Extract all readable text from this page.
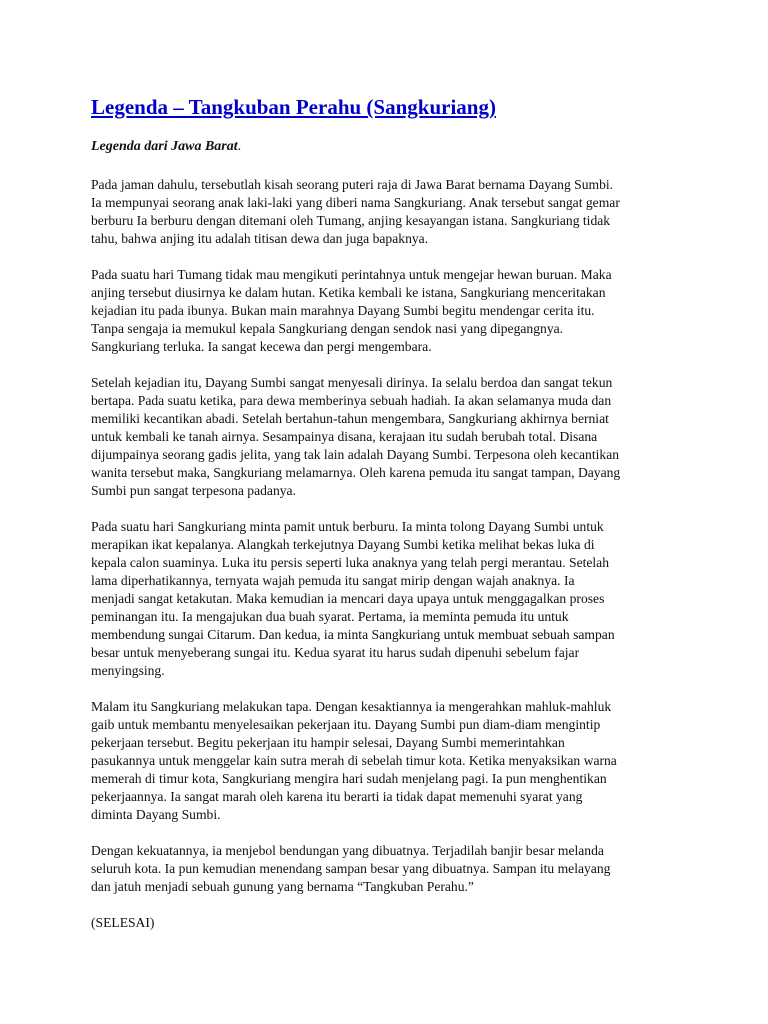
Legenda – Tangkuban Perahu (Sangkuriang)

Legenda dari Jawa Barat.

Pada jaman dahulu, tersebutlah kisah seorang puteri raja di Jawa Barat bernama Dayang Sumbi.
Ia mempunyai seorang anak laki-laki yang diberi nama Sangkuriang. Anak tersebut sangat gemar
berburu Ia berburu dengan ditemani oleh Tumang, anjing kesayangan istana. Sangkuriang tidak
tahu, bahwa anjing itu adalah titisan dewa dan juga bapaknya.

Pada suatu hari Tumang tidak mau mengikuti perintahnya untuk mengejar hewan buruan. Maka
anjing tersebut diusirnya ke dalam hutan. Ketika kembali ke istana, Sangkuriang menceritakan
kejadian itu pada ibunya. Bukan main marahnya Dayang Sumbi begitu mendengar cerita itu.
Tanpa sengaja ia memukul kepala Sangkuriang dengan sendok nasi yang dipegangnya.
Sangkuriang terluka. Ia sangat kecewa dan pergi mengembara.

Setelah kejadian itu, Dayang Sumbi sangat menyesali dirinya. Ia selalu berdoa dan sangat tekun
bertapa. Pada suatu ketika, para dewa memberinya sebuah hadiah. Ia akan selamanya muda dan
memiliki kecantikan abadi. Setelah bertahun-tahun mengembara, Sangkuriang akhirnya berniat
untuk kembali ke tanah airnya. Sesampainya disana, kerajaan itu sudah berubah total. Disana
dijumpainya seorang gadis jelita, yang tak lain adalah Dayang Sumbi. Terpesona oleh kecantikan
wanita tersebut maka, Sangkuriang melamarnya. Oleh karena pemuda itu sangat tampan, Dayang
Sumbi pun sangat terpesona padanya.

Pada suatu hari Sangkuriang minta pamit untuk berburu. Ia minta tolong Dayang Sumbi untuk
merapikan ikat kepalanya. Alangkah terkejutnya Dayang Sumbi ketika melihat bekas luka di
kepala calon suaminya. Luka itu persis seperti luka anaknya yang telah pergi merantau. Setelah
lama diperhatikannya, ternyata wajah pemuda itu sangat mirip dengan wajah anaknya. Ia
menjadi sangat ketakutan. Maka kemudian ia mencari daya upaya untuk menggagalkan proses
peminangan itu. Ia mengajukan dua buah syarat. Pertama, ia meminta pemuda itu untuk
membendung sungai Citarum. Dan kedua, ia minta Sangkuriang untuk membuat sebuah sampan
besar untuk menyeberang sungai itu. Kedua syarat itu harus sudah dipenuhi sebelum fajar
menyingsing.

Malam itu Sangkuriang melakukan tapa. Dengan kesaktiannya ia mengerahkan mahluk-mahluk
gaib untuk membantu menyelesaikan pekerjaan itu. Dayang Sumbi pun diam-diam mengintip
pekerjaan tersebut. Begitu pekerjaan itu hampir selesai, Dayang Sumbi memerintahkan
pasukannya untuk menggelar kain sutra merah di sebelah timur kota. Ketika menyaksikan warna
memerah di timur kota, Sangkuriang mengira hari sudah menjelang pagi. Ia pun menghentikan
pekerjaannya. Ia sangat marah oleh karena itu berarti ia tidak dapat memenuhi syarat yang
diminta Dayang Sumbi.

Dengan kekuatannya, ia menjebol bendungan yang dibuatnya. Terjadilah banjir besar melanda
seluruh kota. Ia pun kemudian menendang sampan besar yang dibuatnya. Sampan itu melayang
dan jatuh menjadi sebuah gunung yang bernama “Tangkuban Perahu.”

(SELESAI)
